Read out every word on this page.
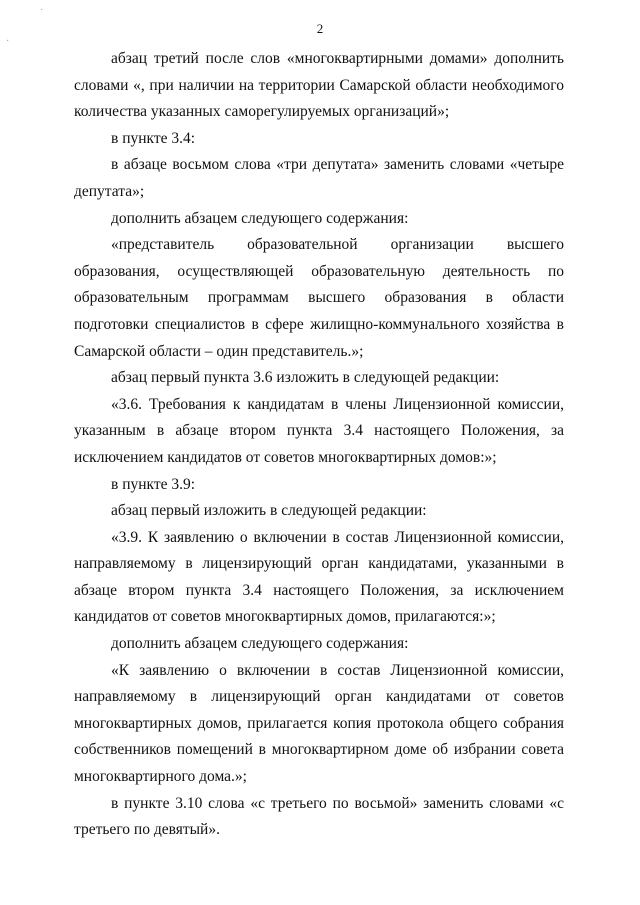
˙
·
2

абзац третий после слов «многоквартирными домами» дополнить словами «, при наличии на территории Самарской области необходимого количества указанных саморегулируемых организаций»;

в пункте 3.4:

в абзаце восьмом слова «три депутата» заменить словами «четыре депутата»;

дополнить абзацем следующего содержания:

«представитель образовательной организации высшего образования, осуществляющей образовательную деятельность по образовательным программам высшего образования в области подготовки специалистов в сфере жилищно-коммунального хозяйства в Самарской области – один представитель.»;

абзац первый пункта 3.6 изложить в следующей редакции:

«3.6. Требования к кандидатам в члены Лицензионной комиссии, указанным в абзаце втором пункта 3.4 настоящего Положения, за исключением кандидатов от советов многоквартирных домов:»;

в пункте 3.9:

абзац первый изложить в следующей редакции:

«3.9. К заявлению о включении в состав Лицензионной комиссии, направляемому в лицензирующий орган кандидатами, указанными в абзаце втором пункта 3.4 настоящего Положения, за исключением кандидатов от советов многоквартирных домов, прилагаются:»;

дополнить абзацем следующего содержания:

«К заявлению о включении в состав Лицензионной комиссии, направляемому в лицензирующий орган кандидатами от советов многоквартирных домов, прилагается копия протокола общего собрания собственников помещений в многоквартирном доме об избрании совета многоквартирного дома.»;

в пункте 3.10 слова «с третьего по восьмой» заменить словами «с третьего по девятый».
